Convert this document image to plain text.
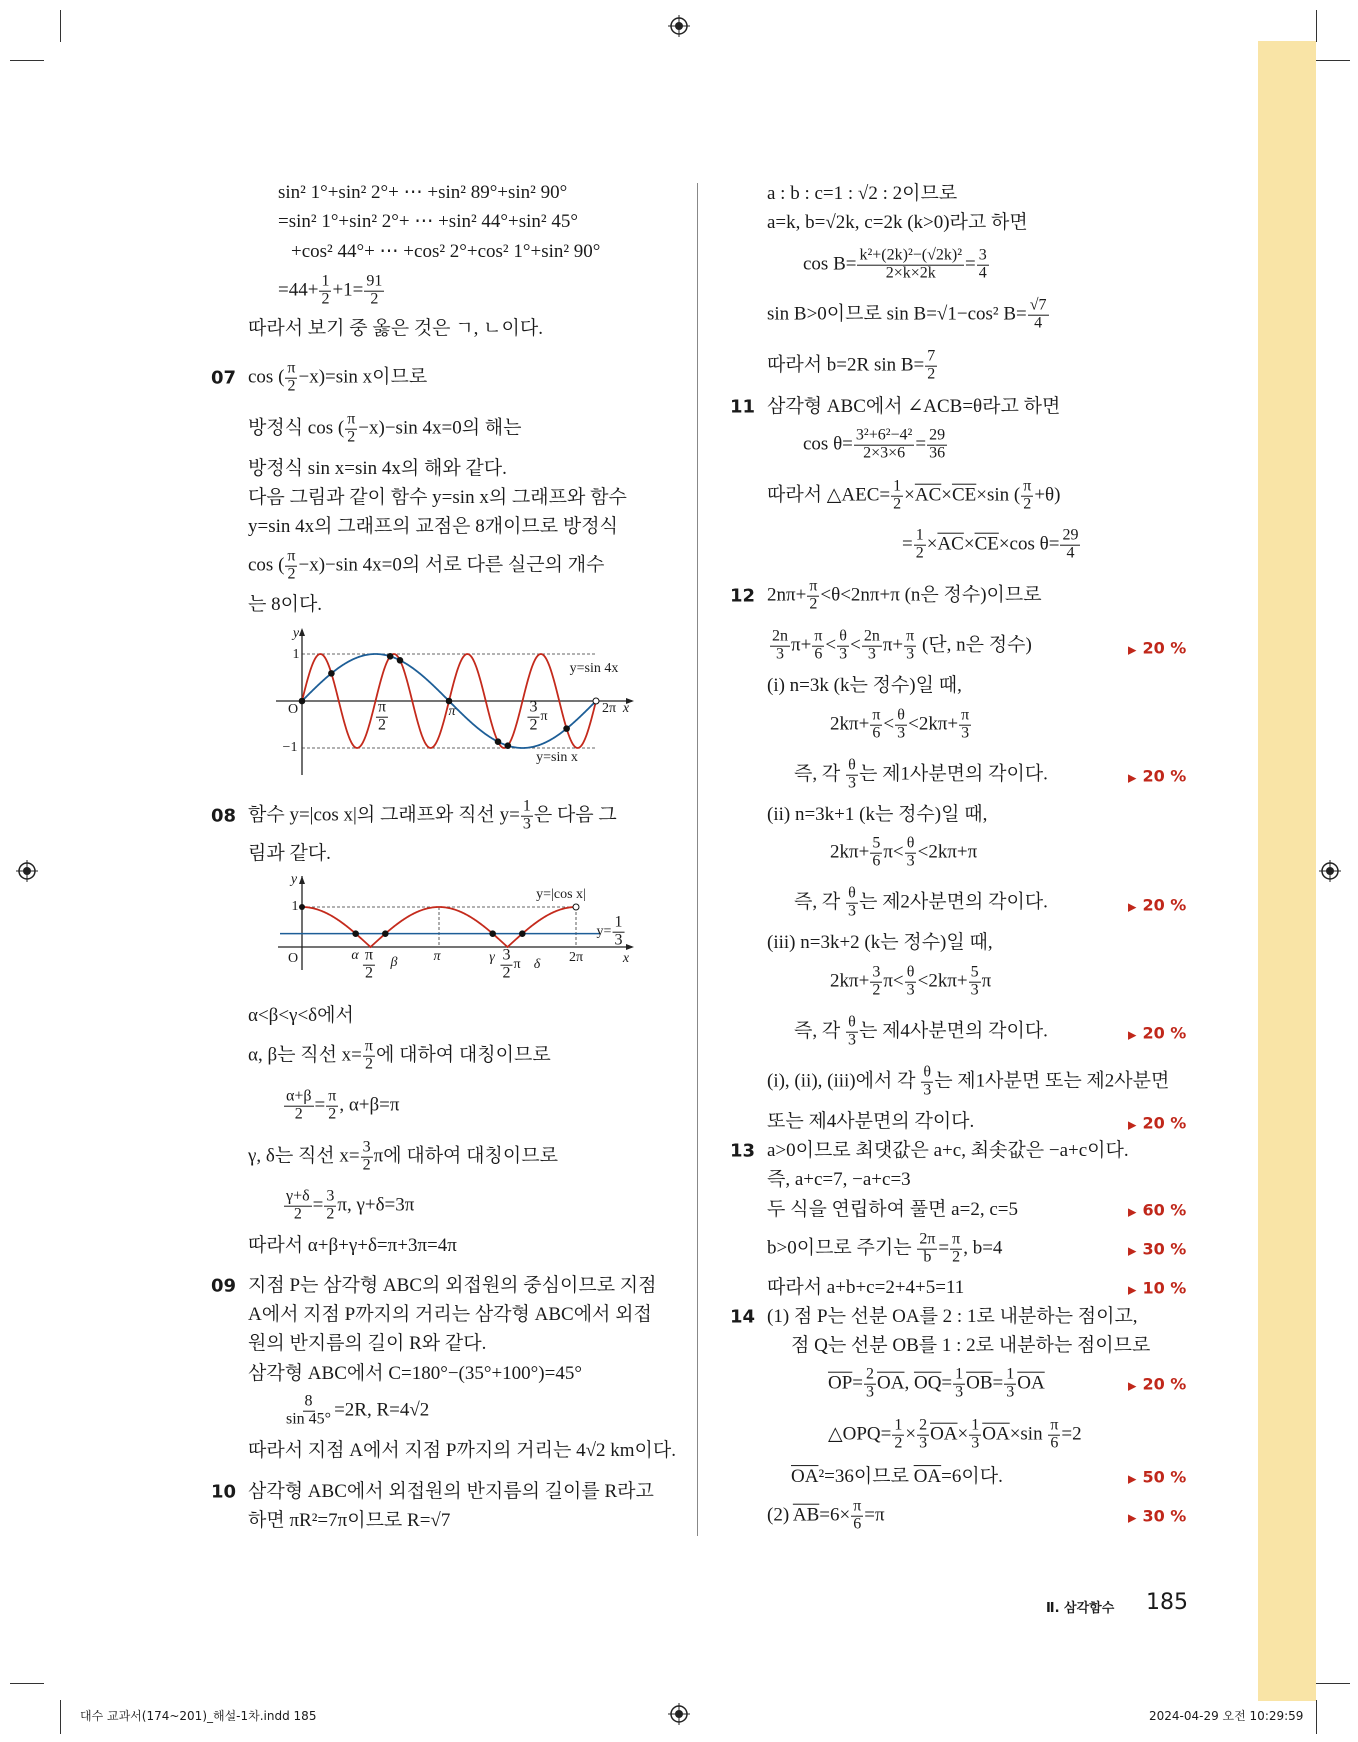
sin² 1°+sin² 2°+ ⋯ +sin² 89°+sin² 90°
=sin² 1°+sin² 2°+ ⋯ +sin² 44°+sin² 45°
+cos² 44°+ ⋯ +cos² 2°+cos² 1°+sin² 90°
$=44+ \frac{1}{2} +1= \frac{91}{2}$
따라서 보기 중 옳은 것은 ㄱ, ㄴ이다.
07 cos ( $\frac{\pi}{2} -x)=\sin$ x이므로
방정식 cos ( $\frac{\pi}{2} -x)-\sin$ 4x=0의 해는
방정식 sin x=sin 4x의 해와 같다.
다음 그림과 같이 함수 y=sin x의 그래프와 함수
y=sin 4x의 그래프의 교점은 8개이므로 방정식
cos ( $\frac{\pi}{2} -x)-\sin$ 4x=0의 서로 다른 실근의 개수
는 8이다.
08 함수 y=|cos x|의 그래프와 직선 $y= \frac{1}{3}$ 은 다음 그
림과 같다.
α<β<γ<δ에서
α, β는 직선 $x= \frac{\pi}{2}$ 에 대하여 대칭이므로
$\frac{\alpha+\beta}{2} = \frac{\pi}{2}$ , α+β=π
γ, δ는 직선 $x= \frac{3}{2}$ π에 대하여 대칭이므로
$\frac{\gamma+\delta}{2} = \frac{3}{2} \pi$, γ+δ=3π
따라서 α+β+γ+δ=π+3π=4π
09 지점 P는 삼각형 ABC의 외접원의 중심이므로 지점
A에서 지점 P까지의 거리는 삼각형 ABC에서 외접
원의 반지름의 길이 R와 같다.
삼각형 ABC에서 C=180°−(35°+100°)=45°
$\frac{8}{\sin 45^\circ} =2R$, R=4√2
따라서 지점 A에서 지점 P까지의 거리는 4√2 km이다.
10 삼각형 ABC에서 외접원의 반지름의 길이를 R라고
하면 πR²=7π이므로 R=√7
y
x
1
−1
O	$\frac{\pi}{2}$	π	$\frac{3}{2}$ π
2π
y=sin 4x
y=sin x
y
x
1
O	α $\frac{\pi}{2}$ β	π	γ $\frac{3}{2}$ π δ 2π
y=|cos x|
$y= \frac{1}{3}$
a : b : c=1 : √2 : 2이므로
a=k, b=√2k, c=2k (k>0)라고 하면
$\cos B= \frac{\text{k²+(2k)²−(√2k)²}}{2\times k\times 2k} = \frac{3}{4}$
sin B>0이므로 sin B=√1−cos² $B= \frac{√7}{4}$
따라서 b=2R $\sin B= \frac{7}{2}$
11 삼각형 ABC에서 ∠ACB=θ라고 하면
$\cos \theta= \frac{\text{3²+6²−4²}}{2\times 3\times 6} = \frac{29}{36}$
따라서 △AEC= $\frac{1}{2} \times\overline{AC}\times\overline{CE}\times\sin$ ( $\frac{\pi}{2} +\theta$)
= $\frac{1}{2} \times\overline{AC}\times\overline{CE}\times\cos$ $\theta= \frac{29}{4}$
12 $2n\pi+ \frac{\pi}{2} <\theta<2n\pi+\pi$ (n은 정수)이므로
$\frac{2n}{3} \pi+ \frac{\pi}{6} < \frac{\theta}{3} < \frac{2n}{3} \pi+ \frac{\pi}{3}$ (단, n은 정수)
(i) n=3k (k는 정수)일 때,
$2k\pi+ \frac{\pi}{6} < \frac{\theta}{3} <2k\pi+ \frac{\pi}{3}$
즉, 각 $\frac{\theta}{3}$ 는 제1사분면의 각이다.
(ii) n=3k+1 (k는 정수)일 때,
$2k\pi+ \frac{5}{6} \pi< \frac{\theta}{3} <2k\pi+\pi$
즉, 각 $\frac{\theta}{3}$ 는 제2사분면의 각이다.
(iii) n=3k+2 (k는 정수)일 때,
$2k\pi+ \frac{3}{2} \pi< \frac{\theta}{3} <2k\pi+ \frac{5}{3}$ π
즉, 각 $\frac{\theta}{3}$ 는 제4사분면의 각이다.
(i), (ii), (iii)에서 각 $\frac{\theta}{3}$ 는 제1사분면 또는 제2사분면
또는 제4사분면의 각이다.
13 a>0이므로 최댓값은 a+c, 최솟값은 −a+c이다.
즉, a+c=7, −a+c=3
두 식을 연립하여 풀면 a=2, c=5
b>0이므로 주기는 $\frac{2\pi}{b} = \frac{\pi}{2}$ , b=4
따라서 a+b+c=2+4+5=11
14 (1) 점 P는 선분 OA를 2 : 1로 내분하는 점이고,
점 Q는 선분 OB를 1 : 2로 내분하는 점이므로
$\overline{OP}= \frac{2}{3} \overline{OA}$, $\overline{OQ}= \frac{1}{3} \overline{OB}= \frac{1}{3} \overline{OA}$
△OPQ= $\frac{1}{2} \times \frac{2}{3} \overline{OA}\times \frac{1}{3} \overline{OA}\times\sin \frac{\pi}{6} =2$
$\overline{OA}^2=36$이므로 $\overline{OA}=6$이다.
(2) $\overline{AB}=6\times \frac{\pi}{6} =\pi$
▶ 20 %
▶ 20 %
▶ 20 %
▶ 20 %
▶ 20 %
▶ 60 %
▶ 30 %
▶ 10 %
▶ 20 %
▶ 50 %
▶ 30 %
Ⅱ. 삼각함수 185
대수 교과서(174~201)_해설-1차.indd 185	2024-04-29 오전 10:29:59
